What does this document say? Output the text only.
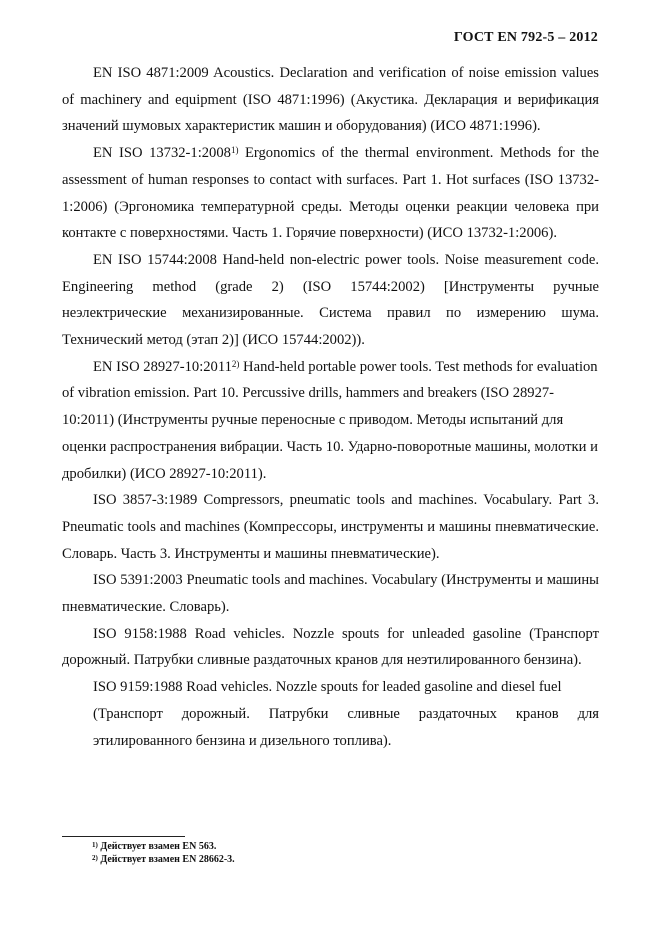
ГОСТ EN 792-5 – 2012

EN ISO 4871:2009 Acoustics. Declaration and verification of noise emission values of machinery and equipment (ISO 4871:1996) (Акустика. Декларация и верификация значений шумовых характеристик машин и оборудования) (ИСО 4871:1996).

EN ISO 13732-1:2008$^{1)}$ Ergonomics of the thermal environment. Methods for the assessment of human responses to contact with surfaces. Part 1. Hot surfaces (ISO 13732-1:2006) (Эргономика температурной среды. Методы оценки реакции человека при контакте с поверхностями. Часть 1. Горячие поверхности) (ИСО 13732-1:2006).

EN ISO 15744:2008 Hand-held non-electric power tools. Noise measurement code. Engineering method (grade 2) (ISO 15744:2002) [Инструменты ручные неэлектрические механизированные. Система правил по измерению шума. Технический метод (этап 2)] (ИСО 15744:2002)).

EN ISO 28927-10:2011$^{2)}$ Hand-held portable power tools. Test methods for evaluation of vibration emission. Part 10. Percussive drills, hammers and breakers (ISO 28927-10:2011) (Инструменты ручные переносные с приводом. Методы испытаний для оценки распространения вибрации. Часть 10. Ударно-поворотные машины, молотки и дробилки) (ИСО 28927-10:2011).

ISO 3857-3:1989 Compressors, pneumatic tools and machines. Vocabulary. Part 3. Pneumatic tools and machines (Компрессоры, инструменты и машины пневматические. Словарь. Часть 3. Инструменты и машины пневматические).

ISO 5391:2003 Pneumatic tools and machines. Vocabulary (Инструменты и машины пневматические. Словарь).

ISO 9158:1988 Road vehicles. Nozzle spouts for unleaded gasoline (Транспорт дорожный. Патрубки сливные раздаточных кранов для неэтилированного бензина).

ISO 9159:1988 Road vehicles. Nozzle spouts for leaded gasoline and diesel fuel
(Транспорт дорожный. Патрубки сливные раздаточных кранов для этилированного бензина и дизельного топлива).
$^{1)}$ Действует взамен EN 563.
$^{2)}$ Действует взамен EN 28662-3.
